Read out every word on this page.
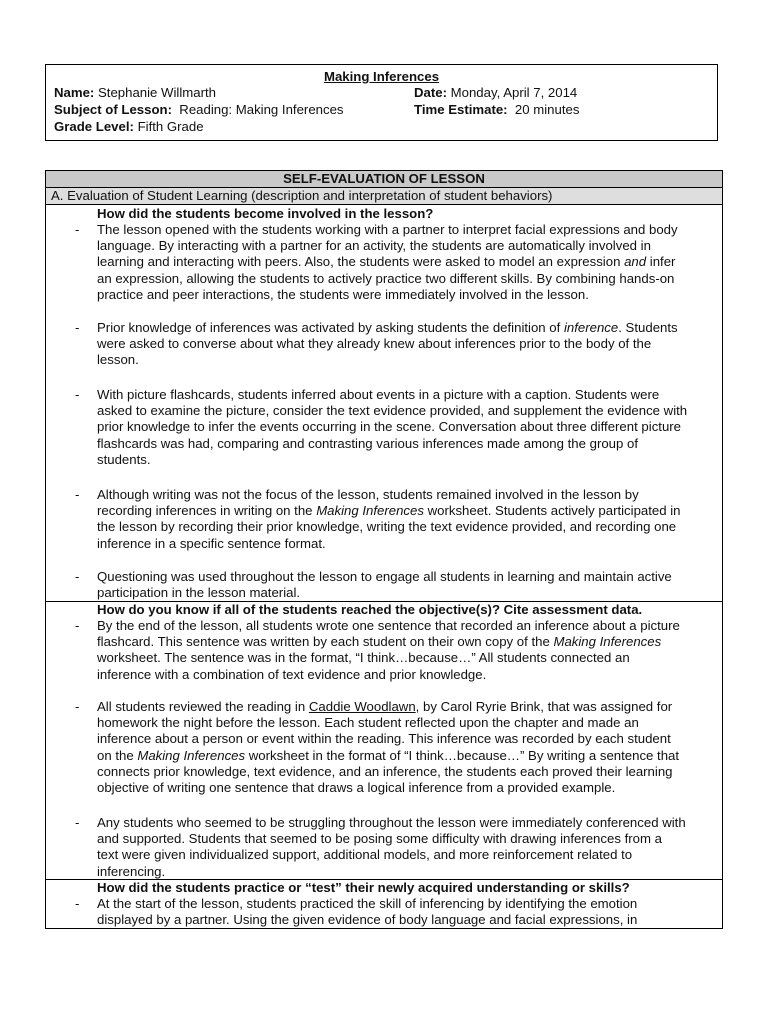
Making Inferences
Name: Stephanie Willmarth	Date: Monday, April 7, 2014
Subject of Lesson: Reading: Making Inferences	Time Estimate: 20 minutes
Grade Level: Fifth Grade
SELF-EVALUATION OF LESSON
A. Evaluation of Student Learning (description and interpretation of student behaviors)
How did the students become involved in the lesson?
- The lesson opened with the students working with a partner to interpret facial expressions and body
language. By interacting with a partner for an activity, the students are automatically involved in
learning and interacting with peers. Also, the students were asked to model an expression and infer
an expression, allowing the students to actively practice two different skills. By combining hands-on
practice and peer interactions, the students were immediately involved in the lesson.
- Prior knowledge of inferences was activated by asking students the definition of inference. Students
were asked to converse about what they already knew about inferences prior to the body of the
lesson.
- With picture flashcards, students inferred about events in a picture with a caption. Students were
asked to examine the picture, consider the text evidence provided, and supplement the evidence with
prior knowledge to infer the events occurring in the scene. Conversation about three different picture
flashcards was had, comparing and contrasting various inferences made among the group of
students.
- Although writing was not the focus of the lesson, students remained involved in the lesson by
recording inferences in writing on the Making Inferences worksheet. Students actively participated in
the lesson by recording their prior knowledge, writing the text evidence provided, and recording one
inference in a specific sentence format.
- Questioning was used throughout the lesson to engage all students in learning and maintain active
participation in the lesson material.
How do you know if all of the students reached the objective(s)? Cite assessment data.
- By the end of the lesson, all students wrote one sentence that recorded an inference about a picture
flashcard. This sentence was written by each student on their own copy of the Making Inferences
worksheet. The sentence was in the format, “I think…because…” All students connected an
inference with a combination of text evidence and prior knowledge.
- All students reviewed the reading in Caddie Woodlawn, by Carol Ryrie Brink, that was assigned for
homework the night before the lesson. Each student reflected upon the chapter and made an
inference about a person or event within the reading. This inference was recorded by each student
on the Making Inferences worksheet in the format of “I think…because…” By writing a sentence that
connects prior knowledge, text evidence, and an inference, the students each proved their learning
objective of writing one sentence that draws a logical inference from a provided example.
- Any students who seemed to be struggling throughout the lesson were immediately conferenced with
and supported. Students that seemed to be posing some difficulty with drawing inferences from a
text were given individualized support, additional models, and more reinforcement related to
inferencing.
How did the students practice or “test” their newly acquired understanding or skills?
- At the start of the lesson, students practiced the skill of inferencing by identifying the emotion
displayed by a partner. Using the given evidence of body language and facial expressions, in
